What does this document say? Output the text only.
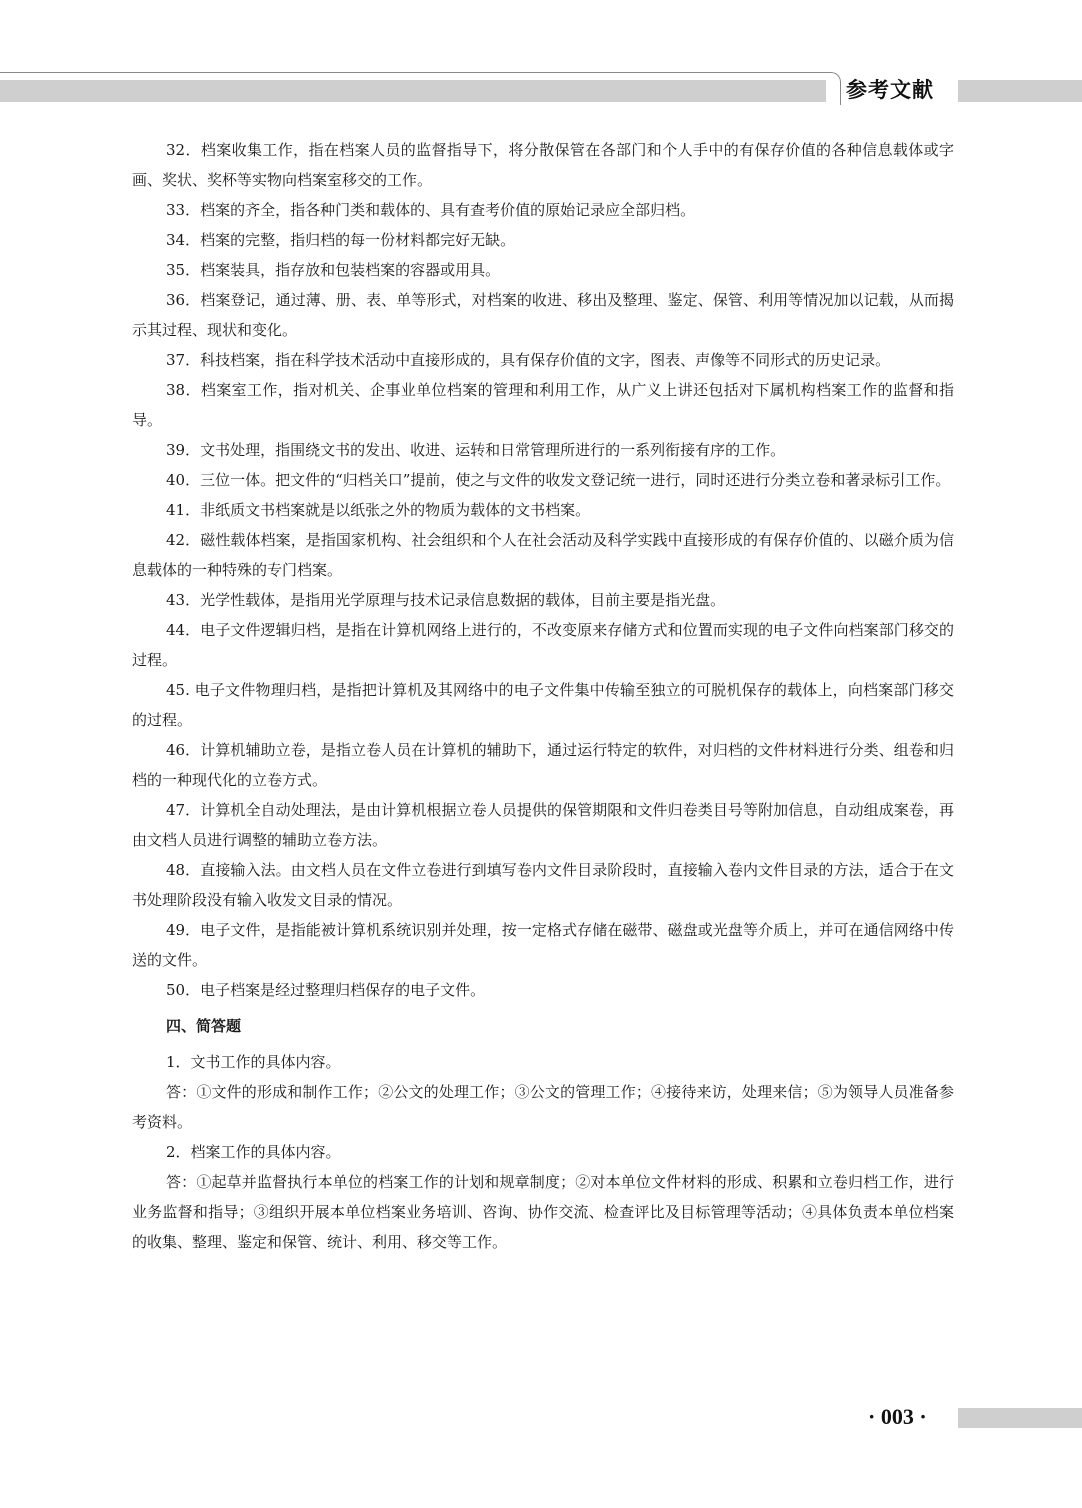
参考文献

32．档案收集工作，指在档案人员的监督指导下，将分散保管在各部门和个人手中的有保存价值的各种信息载体或字画、奖状、奖杯等实物向档案室移交的工作。

33．档案的齐全，指各种门类和载体的、具有查考价值的原始记录应全部归档。

34．档案的完整，指归档的每一份材料都完好无缺。

35．档案装具，指存放和包装档案的容器或用具。

36．档案登记，通过薄、册、表、单等形式，对档案的收进、移出及整理、鉴定、保管、利用等情况加以记载，从而揭示其过程、现状和变化。

37．科技档案，指在科学技术活动中直接形成的，具有保存价值的文字，图表、声像等不同形式的历史记录。

38．档案室工作，指对机关、企事业单位档案的管理和利用工作，从广义上讲还包括对下属机构档案工作的监督和指导。

39．文书处理，指围绕文书的发出、收进、运转和日常管理所进行的一系列衔接有序的工作。

40．三位一体。把文件的“归档关口”提前，使之与文件的收发文登记统一进行，同时还进行分类立卷和著录标引工作。

41．非纸质文书档案就是以纸张之外的物质为载体的文书档案。

42．磁性载体档案，是指国家机构、社会组织和个人在社会活动及科学实践中直接形成的有保存价值的、以磁介质为信息载体的一种特殊的专门档案。

43．光学性载体，是指用光学原理与技术记录信息数据的载体，目前主要是指光盘。

44．电子文件逻辑归档，是指在计算机网络上进行的，不改变原来存储方式和位置而实现的电子文件向档案部门移交的过程。

45. 电子文件物理归档，是指把计算机及其网络中的电子文件集中传输至独立的可脱机保存的载体上，向档案部门移交的过程。

46．计算机辅助立卷，是指立卷人员在计算机的辅助下，通过运行特定的软件，对归档的文件材料进行分类、组卷和归档的一种现代化的立卷方式。

47．计算机全自动处理法，是由计算机根据立卷人员提供的保管期限和文件归卷类目号等附加信息，自动组成案卷，再由文档人员进行调整的辅助立卷方法。

48．直接输入法。由文档人员在文件立卷进行到填写卷内文件目录阶段时，直接输入卷内文件目录的方法，适合于在文书处理阶段没有输入收发文目录的情况。

49．电子文件，是指能被计算机系统识别并处理，按一定格式存储在磁带、磁盘或光盘等介质上，并可在通信网络中传送的文件。

50．电子档案是经过整理归档保存的电子文件。

四、简答题

1．文书工作的具体内容。

答：①文件的形成和制作工作；②公文的处理工作；③公文的管理工作；④接待来访，处理来信；⑤为领导人员准备参考资料。

2．档案工作的具体内容。

答：①起草并监督执行本单位的档案工作的计划和规章制度；②对本单位文件材料的形成、积累和立卷归档工作，进行业务监督和指导；③组织开展本单位档案业务培训、咨询、协作交流、检查评比及目标管理等活动；④具体负责本单位档案的收集、整理、鉴定和保管、统计、利用、移交等工作。

· 003 ·
